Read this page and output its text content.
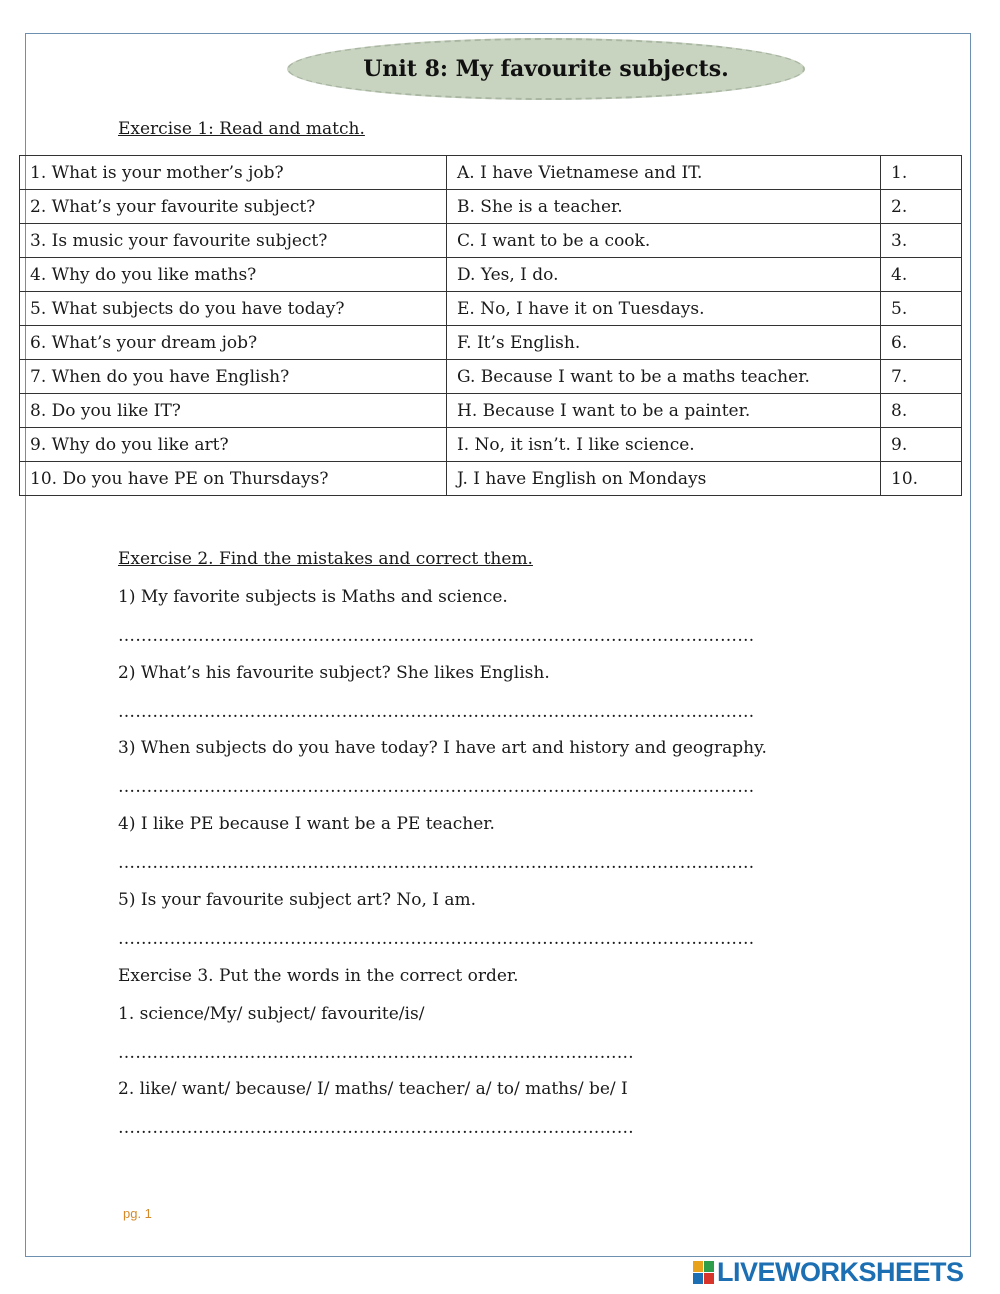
Unit 8: My favourite subjects.
Exercise 1: Read and match.
1. What is your mother’s job?	A. I have Vietnamese and IT.	1.
2. What’s your favourite subject?	B. She is a teacher.	2.
3. Is music your favourite subject?	C. I want to be a cook.	3.
4. Why do you like maths?	D. Yes, I do.	4.
5. What subjects do you have today?	E. No, I have it on Tuesdays.	5.
6. What’s your dream job?	F. It’s English.	6.
7. When do you have English?	G. Because I want to be a maths teacher.	7.
8. Do you like IT?	H. Because I want to be a painter.	8.
9. Why do you like art?	I. No, it isn’t. I like science.	9.
10. Do you have PE on Thursdays?	J. I have English on Mondays	10.
Exercise 2. Find the mistakes and correct them.
1) My favorite subjects is Maths and science.
…………………………………………………………………………………………………
2) What’s his favourite subject? She likes English.
…………………………………………………………………………………………………
3) When subjects do you have today? I have art and history and geography.
…………………………………………………………………………………………………
4) I like PE because I want be a PE teacher.
…………………………………………………………………………………………………
5) Is your favourite subject art? No, I am.
…………………………………………………………………………………………………
Exercise 3. Put the words in the correct order.
1. science/My/ subject/ favourite/is/
………………………………………………………………………………
2. like/ want/ because/ I/ maths/ teacher/ a/ to/ maths/ be/ I
………………………………………………………………………………
pg. 1
LIVEWORKSHEETS
